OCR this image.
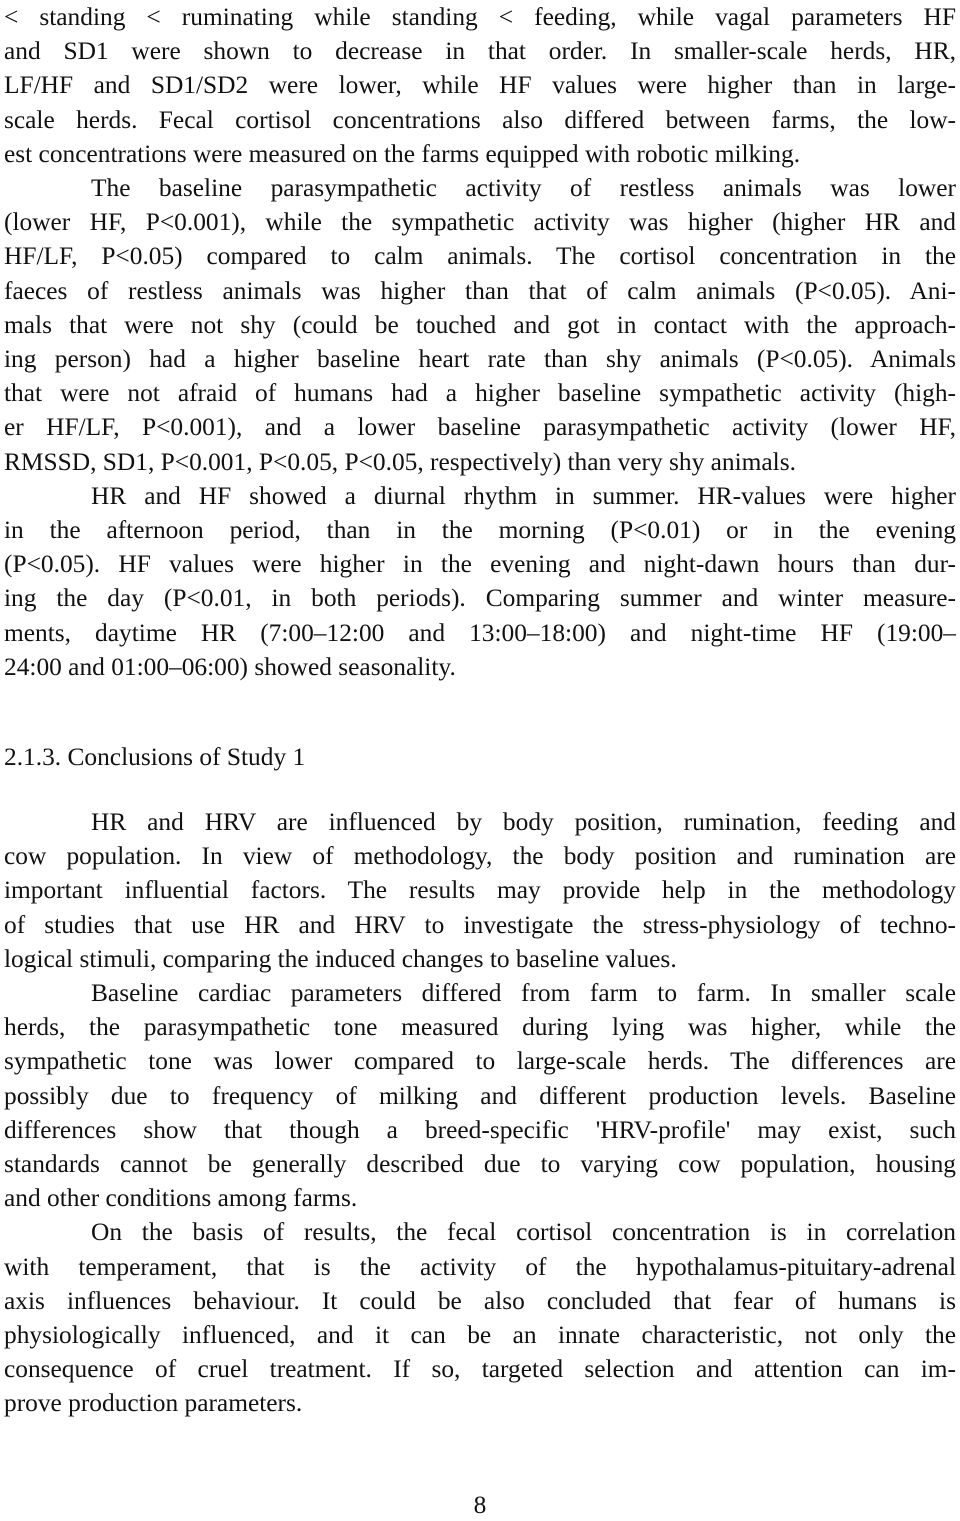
< standing < ruminating while standing < feeding, while vagal parameters HF
and SD1 were shown to decrease in that order. In smaller-scale herds, HR,
LF/HF and SD1/SD2 were lower, while HF values were higher than in large-
scale herds. Fecal cortisol concentrations also differed between farms, the low-
est concentrations were measured on the farms equipped with robotic milking.
The baseline parasympathetic activity of restless animals was lower
(lower HF, P<0.001), while the sympathetic activity was higher (higher HR and
HF/LF, P<0.05) compared to calm animals. The cortisol concentration in the
faeces of restless animals was higher than that of calm animals (P<0.05). Ani-
mals that were not shy (could be touched and got in contact with the approach-
ing person) had a higher baseline heart rate than shy animals (P<0.05). Animals
that were not afraid of humans had a higher baseline sympathetic activity (high-
er HF/LF, P<0.001), and a lower baseline parasympathetic activity (lower HF,
RMSSD, SD1, P<0.001, P<0.05, P<0.05, respectively) than very shy animals.
HR and HF showed a diurnal rhythm in summer. HR-values were higher
in the afternoon period, than in the morning (P<0.01) or in the evening
(P<0.05). HF values were higher in the evening and night-dawn hours than dur-
ing the day (P<0.01, in both periods). Comparing summer and winter measure-
ments, daytime HR (7:00–12:00 and 13:00–18:00) and night-time HF (19:00–
24:00 and 01:00–06:00) showed seasonality.
2.1.3. Conclusions of Study 1
HR and HRV are influenced by body position, rumination, feeding and
cow population. In view of methodology, the body position and rumination are
important influential factors. The results may provide help in the methodology
of studies that use HR and HRV to investigate the stress-physiology of techno-
logical stimuli, comparing the induced changes to baseline values.
Baseline cardiac parameters differed from farm to farm. In smaller scale
herds, the parasympathetic tone measured during lying was higher, while the
sympathetic tone was lower compared to large-scale herds. The differences are
possibly due to frequency of milking and different production levels. Baseline
differences show that though a breed-specific 'HRV-profile' may exist, such
standards cannot be generally described due to varying cow population, housing
and other conditions among farms.
On the basis of results, the fecal cortisol concentration is in correlation
with temperament, that is the activity of the hypothalamus-pituitary-adrenal
axis influences behaviour. It could be also concluded that fear of humans is
physiologically influenced, and it can be an innate characteristic, not only the
consequence of cruel treatment. If so, targeted selection and attention can im-
prove production parameters.
8
